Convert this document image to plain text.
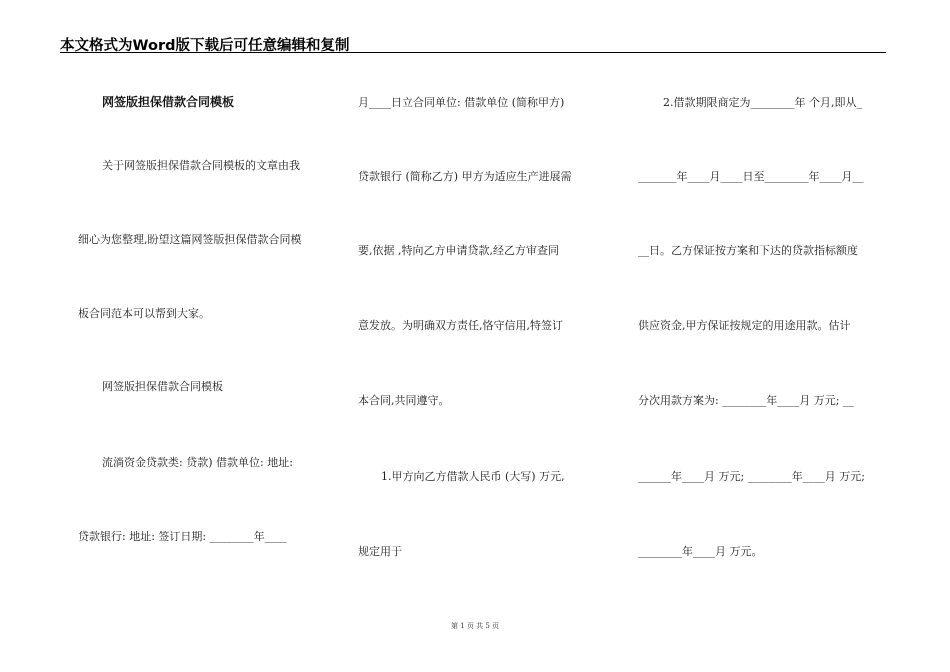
本文格式为Word版下载后可任意编辑和复制
网签版担保借款合同模板
关于网签版担保借款合同模板的文章由我
细心为您整理,盼望这篇网签版担保借款合同模
板合同范本可以帮到大家。
网签版担保借款合同模板
流淌资金贷款类: 贷款) 借款单位: 地址:
贷款银行: 地址: 签订日期: ________年____
月____日立合同单位: 借款单位 (简称甲方)
贷款银行 (简称乙方) 甲方为适应生产进展需
要,依据 ,特向乙方申请贷款,经乙方审查同
意发放。为明确双方责任,恪守信用,特签订
本合同,共同遵守。
1.甲方向乙方借款人民币 (大写) 万元,
规定用于
2.借款期限商定为________年 个月,即从_
_______年____月____日至________年____月__
__日。乙方保证按方案和下达的贷款指标额度
供应资金,甲方保证按规定的用途用款。估计
分次用款方案为: ________年____月 万元; __
______年____月 万元; ________年____月 万元;
________年____月 万元。
第 1 页 共 5 页
